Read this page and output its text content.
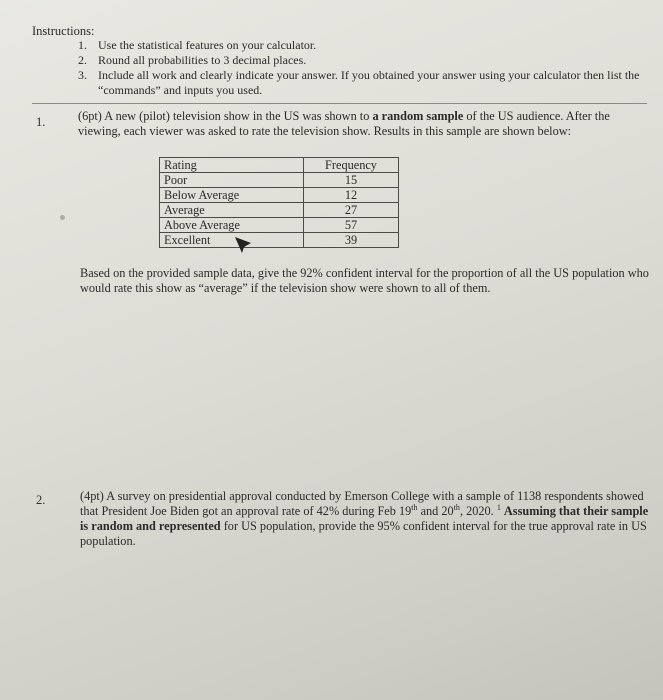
Instructions:
1. Use the statistical features on your calculator.
2. Round all probabilities to 3 decimal places.
3. Include all work and clearly indicate your answer. If you obtained your answer using your calculator then list the “commands” and inputs you used.
1.	(6pt) A new (pilot) television show in the US was shown to a random sample of the US audience. After the viewing, each viewer was asked to rate the television show. Results in this sample are shown below:
Rating	Frequency
Poor	15
Below Average	12
Average	27
Above Average	57
Excellent	39
Based on the provided sample data, give the 92% confident interval for the proportion of all the US population who would rate this show as “average” if the television show were shown to all of them.
2.	(4pt) A survey on presidential approval conducted by Emerson College with a sample of 1138 respondents showed that President Joe Biden got an approval rate of 42% during Feb 19th and 20th, 2020. $^1$ Assuming that their sample is random and represented for US population, provide the 95% confident interval for the true approval rate in US population.
